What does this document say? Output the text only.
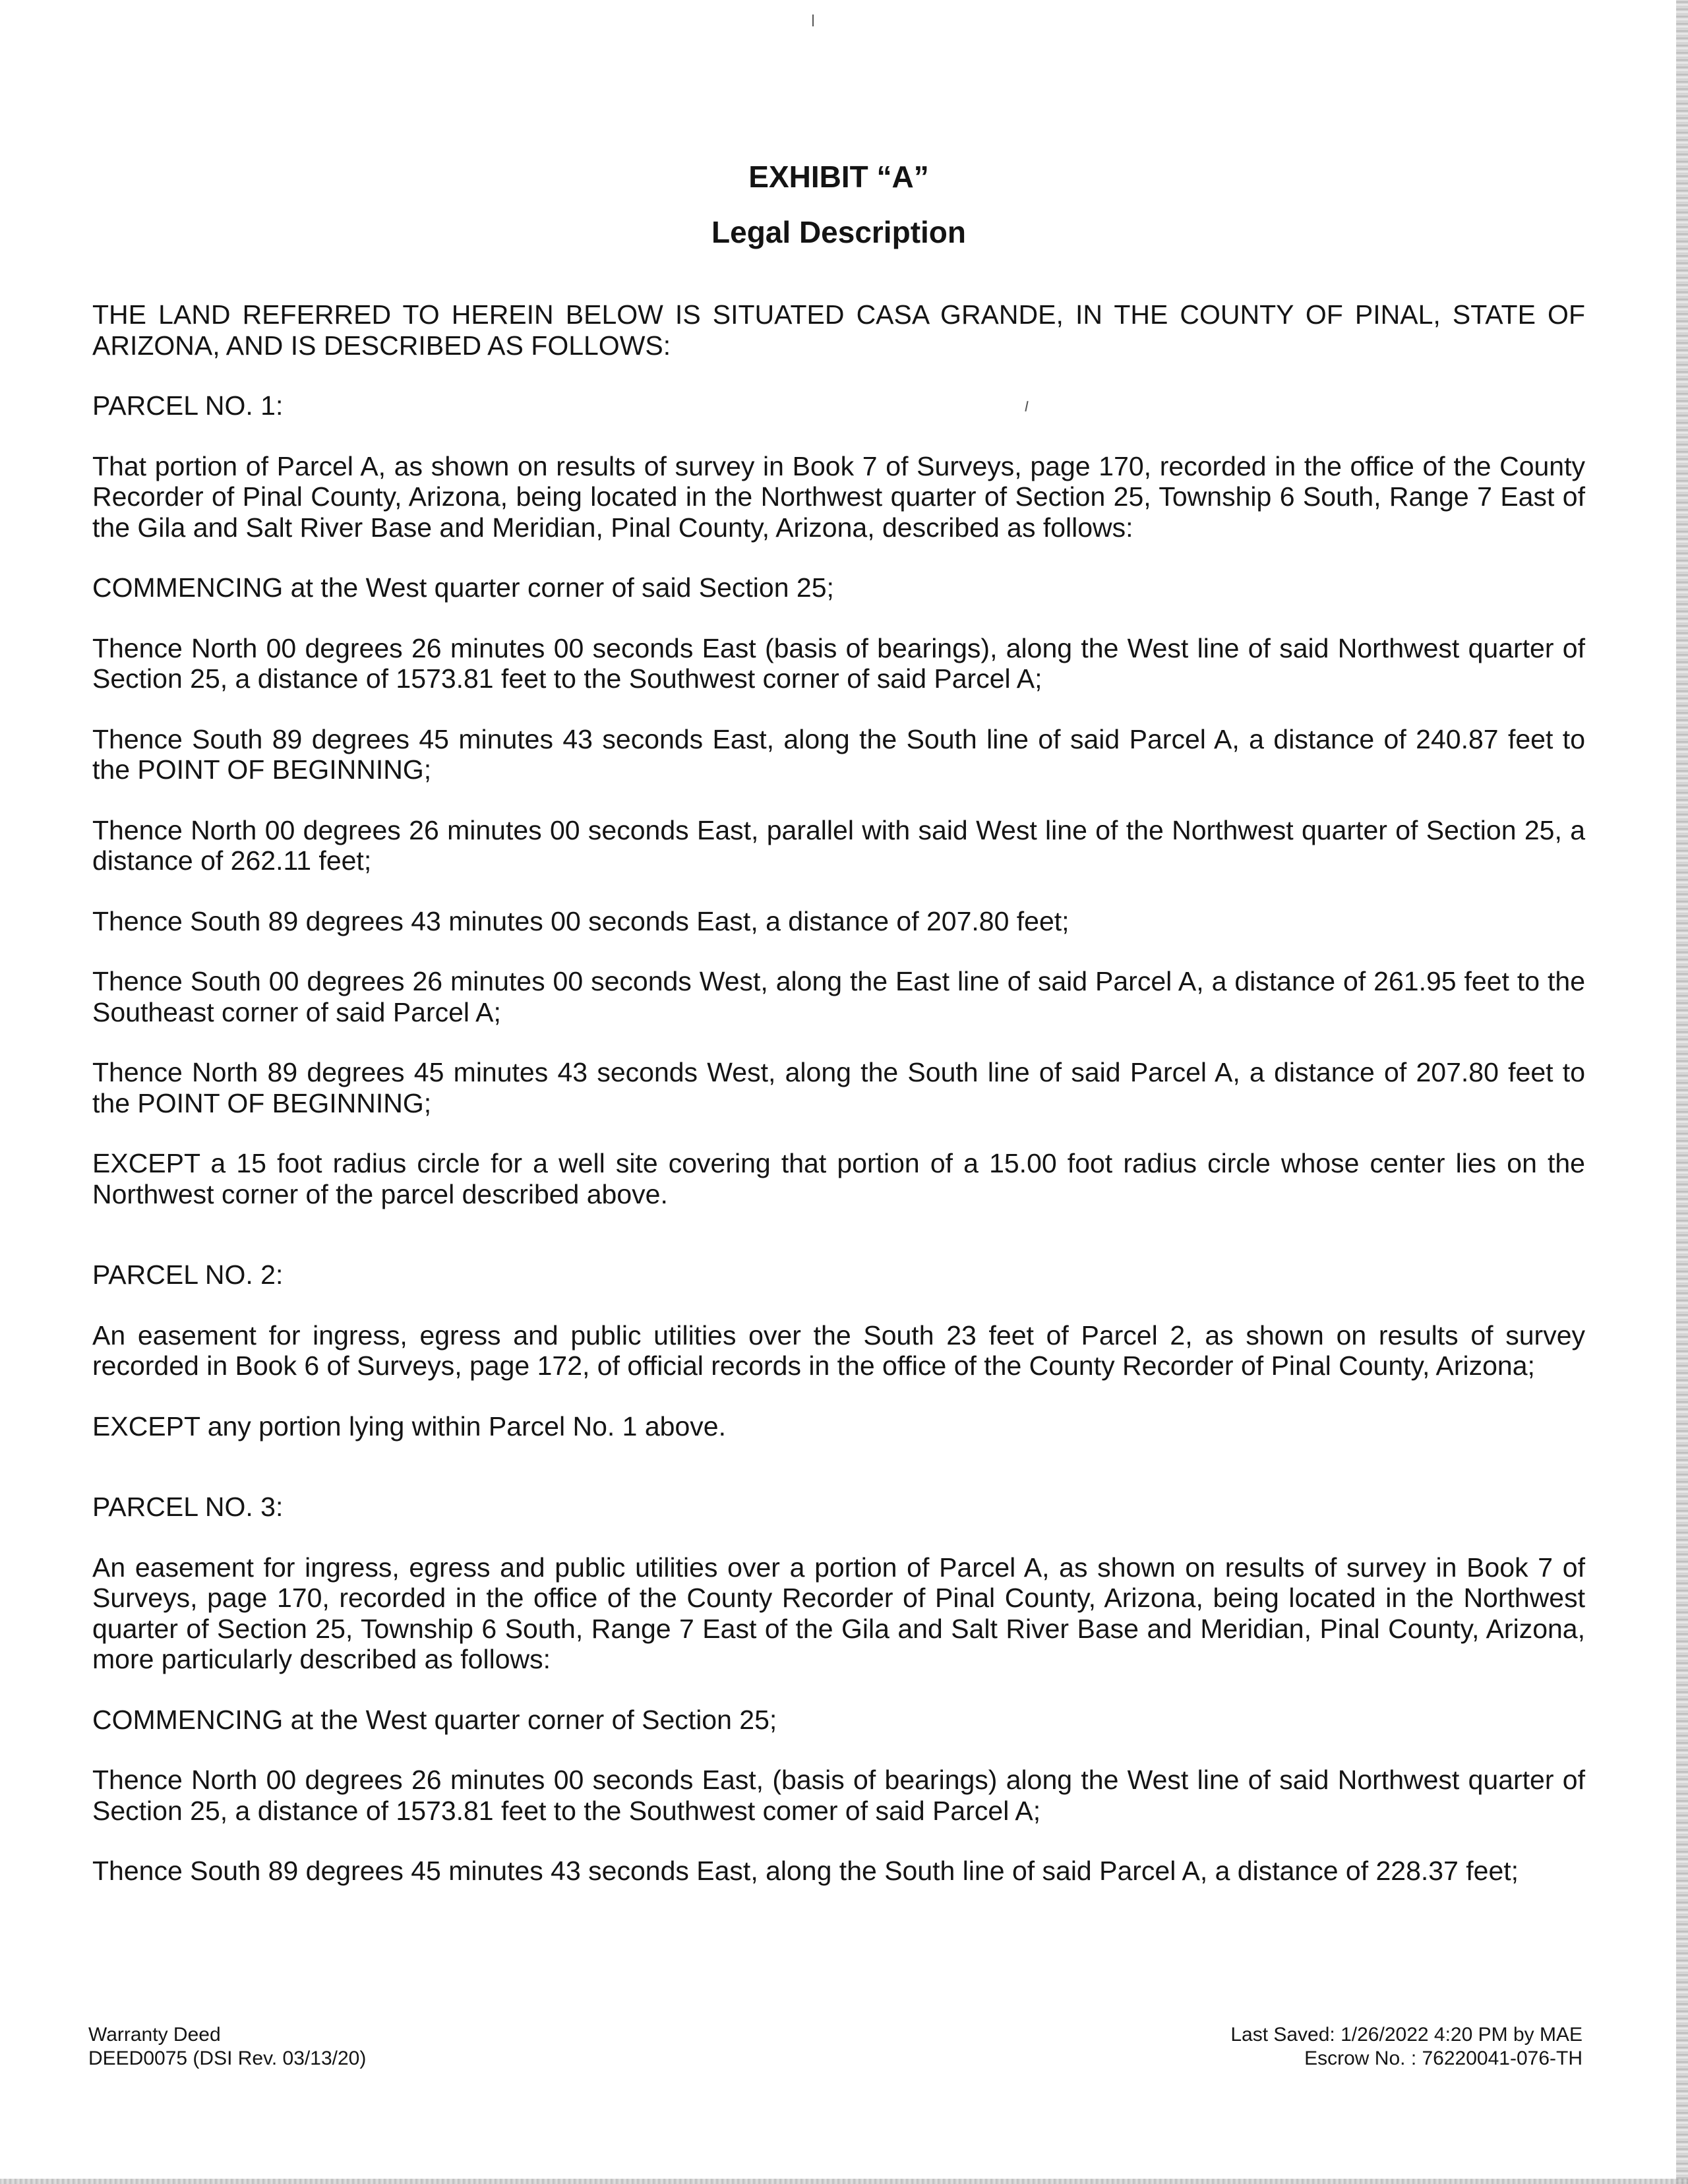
EXHIBIT “A”
Legal Description

THE LAND REFERRED TO HEREIN BELOW IS SITUATED CASA GRANDE, IN THE COUNTY OF PINAL, STATE OF ARIZONA, AND IS DESCRIBED AS FOLLOWS:

PARCEL NO. 1:

That portion of Parcel A, as shown on results of survey in Book 7 of Surveys, page 170, recorded in the office of the County Recorder of Pinal County, Arizona, being located in the Northwest quarter of Section 25, Township 6 South, Range 7 East of the Gila and Salt River Base and Meridian, Pinal County, Arizona, described as follows:

COMMENCING at the West quarter corner of said Section 25;

Thence North 00 degrees 26 minutes 00 seconds East (basis of bearings), along the West line of said Northwest quarter of Section 25, a distance of 1573.81 feet to the Southwest corner of said Parcel A;

Thence South 89 degrees 45 minutes 43 seconds East, along the South line of said Parcel A, a distance of 240.87 feet to the POINT OF BEGINNING;

Thence North 00 degrees 26 minutes 00 seconds East, parallel with said West line of the Northwest quarter of Section 25, a distance of 262.11 feet;

Thence South 89 degrees 43 minutes 00 seconds East, a distance of 207.80 feet;

Thence South 00 degrees 26 minutes 00 seconds West, along the East line of said Parcel A, a distance of 261.95 feet to the Southeast corner of said Parcel A;

Thence North 89 degrees 45 minutes 43 seconds West, along the South line of said Parcel A, a distance of 207.80 feet to the POINT OF BEGINNING;

EXCEPT a 15 foot radius circle for a well site covering that portion of a 15.00 foot radius circle whose center lies on the Northwest corner of the parcel described above.

PARCEL NO. 2:

An easement for ingress, egress and public utilities over the South 23 feet of Parcel 2, as shown on results of survey recorded in Book 6 of Surveys, page 172, of official records in the office of the County Recorder of Pinal County, Arizona;

EXCEPT any portion lying within Parcel No. 1 above.

PARCEL NO. 3:

An easement for ingress, egress and public utilities over a portion of Parcel A, as shown on results of survey in Book 7 of Surveys, page 170, recorded in the office of the County Recorder of Pinal County, Arizona, being located in the Northwest quarter of Section 25, Township 6 South, Range 7 East of the Gila and Salt River Base and Meridian, Pinal County, Arizona, more particularly described as follows:

COMMENCING at the West quarter corner of Section 25;

Thence North 00 degrees 26 minutes 00 seconds East, (basis of bearings) along the West line of said Northwest quarter of Section 25, a distance of 1573.81 feet to the Southwest comer of said Parcel A;

Thence South 89 degrees 45 minutes 43 seconds East, along the South line of said Parcel A, a distance of 228.37 feet;

Warranty Deed
DEED0075 (DSI Rev. 03/13/20)
Last Saved: 1/26/2022 4:20 PM by MAE
Escrow No. : 76220041-076-TH
